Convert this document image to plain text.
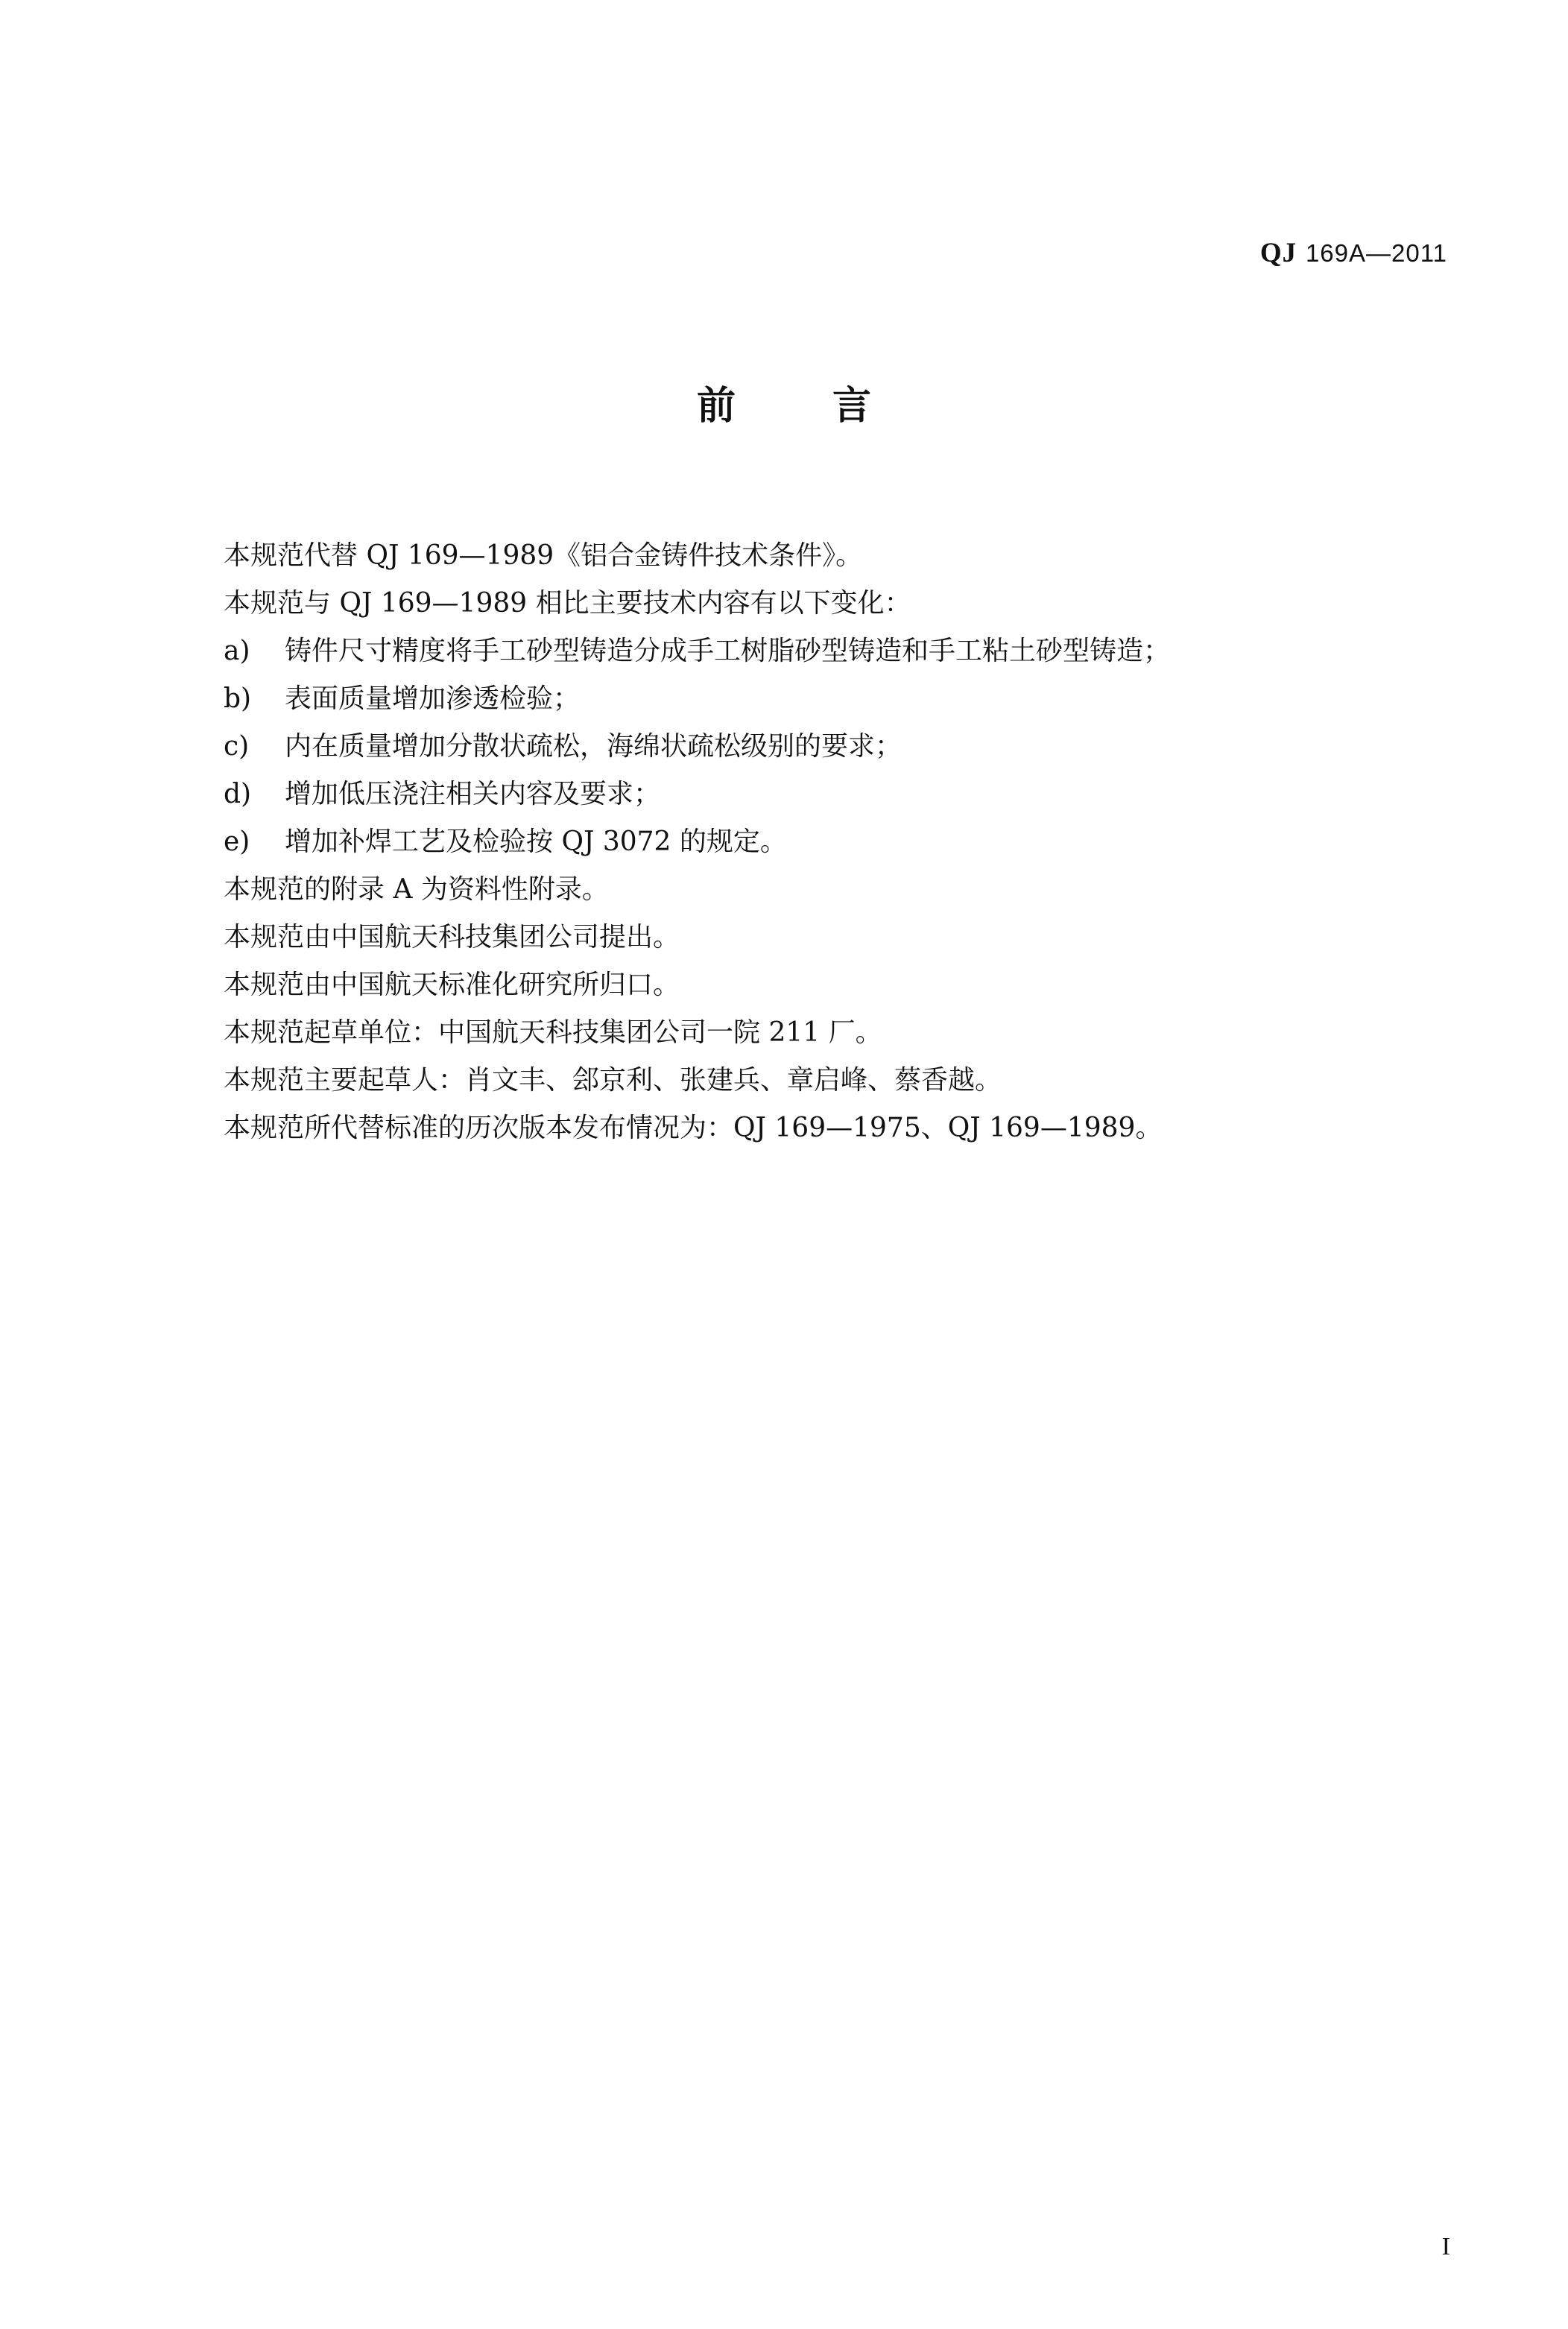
QJ 169A—2011
前 言
本规范代替 QJ 169—1989《铝合金铸件技术条件》。
本规范与 QJ 169—1989 相比主要技术内容有以下变化：
a)	铸件尺寸精度将手工砂型铸造分成手工树脂砂型铸造和手工粘土砂型铸造；
b)	表面质量增加渗透检验；
c)	内在质量增加分散状疏松，海绵状疏松级别的要求；
d)	增加低压浇注相关内容及要求；
e)	增加补焊工艺及检验按 QJ 3072 的规定。
本规范的附录 A 为资料性附录。
本规范由中国航天科技集团公司提出。
本规范由中国航天标准化研究所归口。
本规范起草单位：中国航天科技集团公司一院 211 厂。
本规范主要起草人：肖文丰、郐京利、张建兵、章启峰、蔡香越。
本规范所代替标准的历次版本发布情况为：QJ 169—1975、QJ 169—1989。
I
